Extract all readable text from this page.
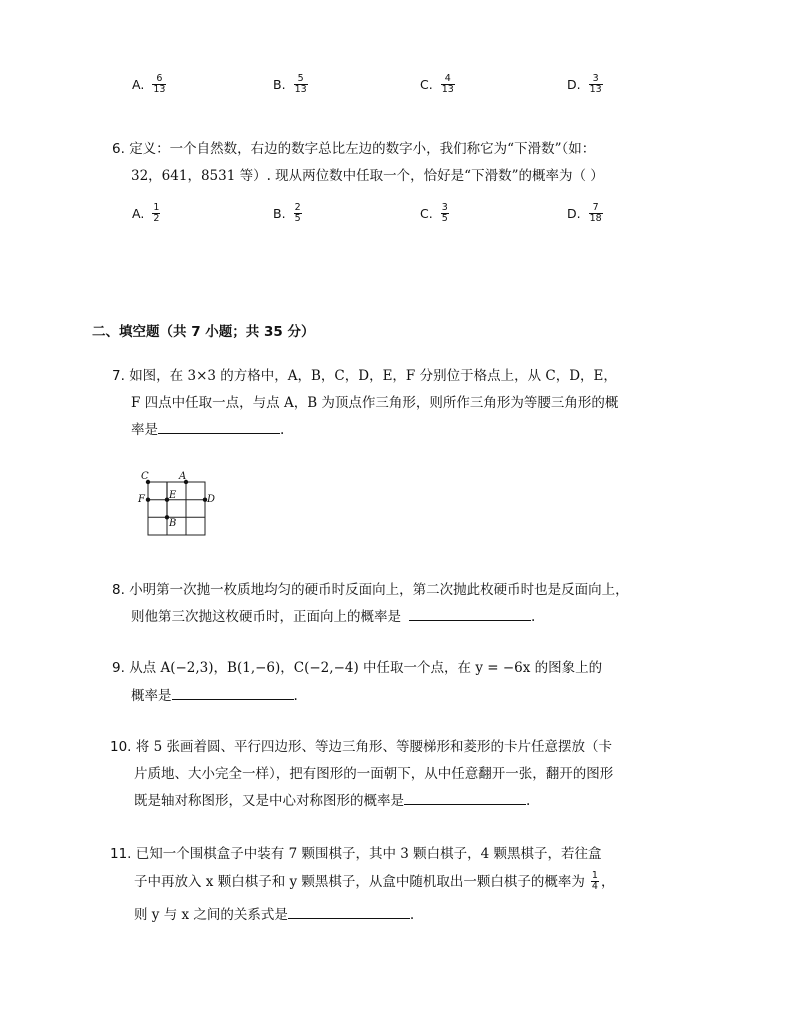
A. $\frac{6}{13}$	B. $\frac{5}{13}$	C. $\frac{4}{13}$	D. $\frac{3}{13}$
6. 定义：一个自然数，右边的数字总比左边的数字小，我们称它为“下滑数”（如：
32，641，8531 等）. 现从两位数中任取一个，恰好是“下滑数”的概率为（ ）
A. $\frac{1}{2}$	B. $\frac{2}{5}$	C. $\frac{3}{5}$	D. $\frac{7}{18}$
二、填空题（共 7 小题；共 35 分）
7. 如图，在 3×3 的方格中，A，B，C，D，E，F 分别位于格点上，从 C，D，E，
F 四点中任取一点，与点 A，B 为顶点作三角形，则所作三角形为等腰三角形的概
率是	.
C	A
F E	D
B
8. 小明第一次抛一枚质地均匀的硬币时反面向上，第二次抛此枚硬币时也是反面向上，
则他第三次抛这枚硬币时，正面向上的概率是	.
9. 从点 A(−2,3)，B(1,−6)，C(−2,−4) 中任取一个点，在 y = −6x 的图象上的
概率是	.
10. 将 5 张画着圆、平行四边形、等边三角形、等腰梯形和菱形的卡片任意摆放（卡
片质地、大小完全一样），把有图形的一面朝下，从中任意翻开一张，翻开的图形
既是轴对称图形，又是中心对称图形的概率是	.
11. 已知一个围棋盒子中装有 7 颗围棋子，其中 3 颗白棋子，4 颗黑棋子，若往盒
子中再放入 x 颗白棋子和 y 颗黑棋子，从盒中随机取出一颗白棋子的概率为 $\frac{1}{4}$ ，
则 y 与 x 之间的关系式是	.
